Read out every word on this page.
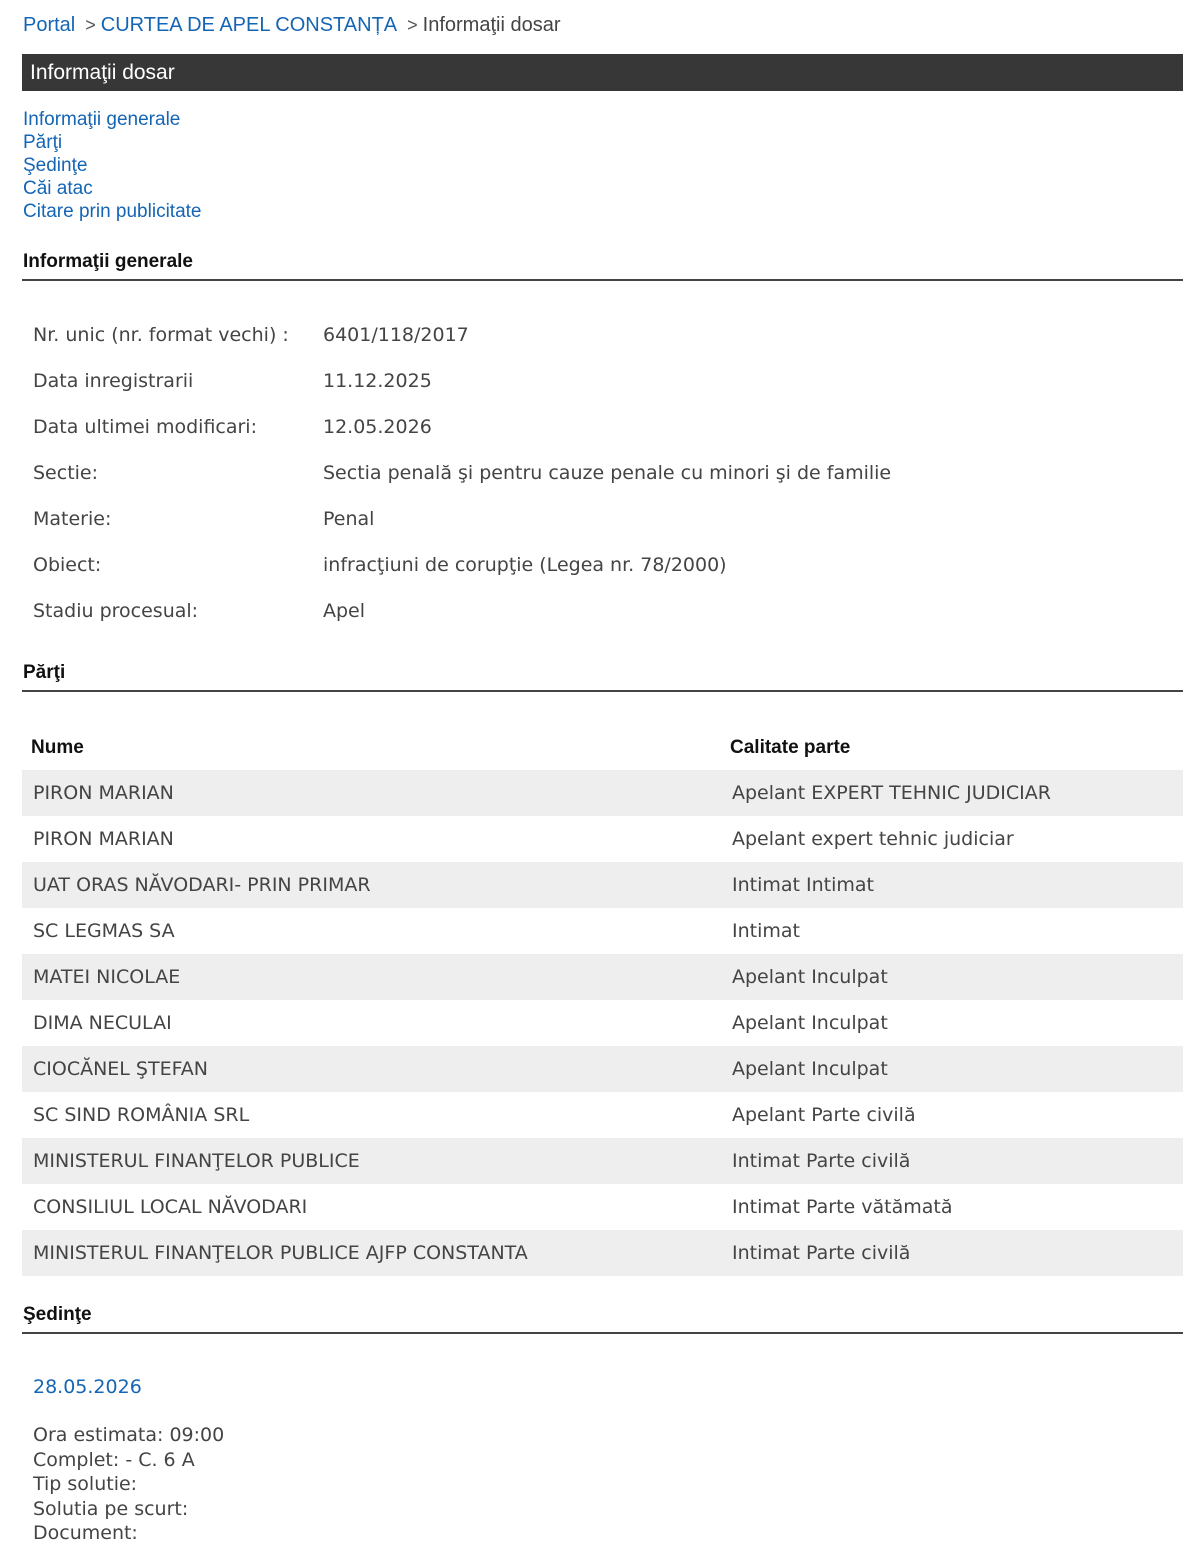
Portal > CURTEA DE APEL CONSTANȚA > Informaţii dosar
Informaţii dosar
Informaţii generale
Părţi
Şedinţe
Căi atac
Citare prin publicitate
Informaţii generale
Nr. unic (nr. format vechi) : 6401/118/2017
Data inregistrarii	11.12.2025
Data ultimei modificari:	12.05.2026
Sectie:	Sectia penală şi pentru cauze penale cu minori şi de familie
Materie:	Penal
Obiect:	infracţiuni de corupţie (Legea nr. 78/2000)
Stadiu procesual:	Apel
Părţi
Nume	Calitate parte
PIRON MARIAN	Apelant EXPERT TEHNIC JUDICIAR
PIRON MARIAN	Apelant expert tehnic judiciar
UAT ORAS NĂVODARI- PRIN PRIMAR	Intimat Intimat
SC LEGMAS SA	Intimat
MATEI NICOLAE	Apelant Inculpat
DIMA NECULAI	Apelant Inculpat
CIOCĂNEL ŞTEFAN	Apelant Inculpat
SC SIND ROMÂNIA SRL	Apelant Parte civilă
MINISTERUL FINANŢELOR PUBLICE	Intimat Parte civilă
CONSILIUL LOCAL NĂVODARI	Intimat Parte vătămată
MINISTERUL FINANŢELOR PUBLICE AJFP CONSTANTA	Intimat Parte civilă
Şedinţe
28.05.2026
Ora estimata: 09:00
Complet: - C. 6 A
Tip solutie:
Solutia pe scurt:
Document:
